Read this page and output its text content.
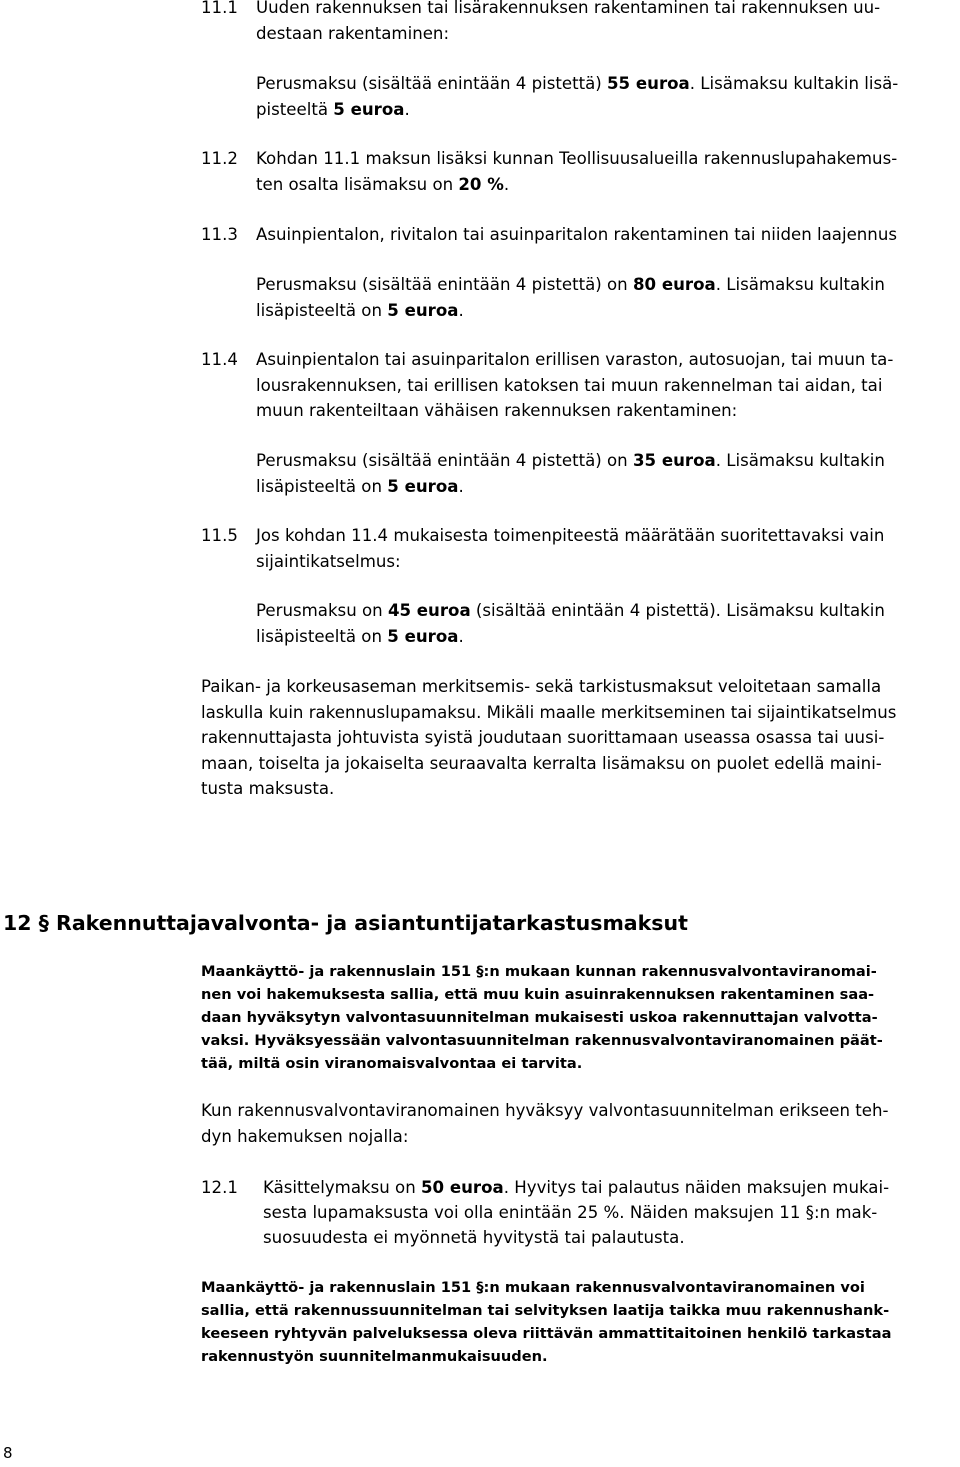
11.1 Uuden rakennuksen tai lisärakennuksen rakentaminen tai rakennuksen uu-

destaan rakentaminen:

Perusmaksu (sisältää enintään 4 pistettä) 55 euroa. Lisämaksu kultakin lisä-

pisteeltä 5 euroa.

11.2 Kohdan 11.1 maksun lisäksi kunnan Teollisuusalueilla rakennuslupahakemus-

ten osalta lisämaksu on 20 %.

11.3 Asuinpientalon, rivitalon tai asuinparitalon rakentaminen tai niiden laajennus

Perusmaksu (sisältää enintään 4 pistettä) on 80 euroa. Lisämaksu kultakin

lisäpisteeltä on 5 euroa.

11.4 Asuinpientalon tai asuinparitalon erillisen varaston, autosuojan, tai muun ta-

lousrakennuksen, tai erillisen katoksen tai muun rakennelman tai aidan, tai

muun rakenteiltaan vähäisen rakennuksen rakentaminen:

Perusmaksu (sisältää enintään 4 pistettä) on 35 euroa. Lisämaksu kultakin

lisäpisteeltä on 5 euroa.

11.5 Jos kohdan 11.4 mukaisesta toimenpiteestä määrätään suoritettavaksi vain

sijaintikatselmus:

Perusmaksu on 45 euroa (sisältää enintään 4 pistettä). Lisämaksu kultakin

lisäpisteeltä on 5 euroa.

Paikan- ja korkeusaseman merkitsemis- sekä tarkistusmaksut veloitetaan samalla

laskulla kuin rakennuslupamaksu. Mikäli maalle merkitseminen tai sijaintikatselmus

rakennuttajasta johtuvista syistä joudutaan suorittamaan useassa osassa tai uusi-

maan, toiselta ja jokaiselta seuraavalta kerralta lisämaksu on puolet edellä maini-

tusta maksusta.

12 § Rakennuttajavalvonta- ja asiantuntijatarkastusmaksut

Maankäyttö- ja rakennuslain 151 §:n mukaan kunnan rakennusvalvontaviranomai-

nen voi hakemuksesta sallia, että muu kuin asuinrakennuksen rakentaminen saa-

daan hyväksytyn valvontasuunnitelman mukaisesti uskoa rakennuttajan valvotta-

vaksi. Hyväksyessään valvontasuunnitelman rakennusvalvontaviranomainen päät-

tää, miltä osin viranomaisvalvontaa ei tarvita.

Kun rakennusvalvontaviranomainen hyväksyy valvontasuunnitelman erikseen teh-

dyn hakemuksen nojalla:

12.1 Käsittelymaksu on 50 euroa. Hyvitys tai palautus näiden maksujen mukai-

sesta lupamaksusta voi olla enintään 25 %. Näiden maksujen 11 §:n mak-

suosuudesta ei myönnetä hyvitystä tai palautusta.

Maankäyttö- ja rakennuslain 151 §:n mukaan rakennusvalvontaviranomainen voi

sallia, että rakennussuunnitelman tai selvityksen laatija taikka muu rakennushank-

keeseen ryhtyvän palveluksessa oleva riittävän ammattitaitoinen henkilö tarkastaa

rakennustyön suunnitelmanmukaisuuden.

8
